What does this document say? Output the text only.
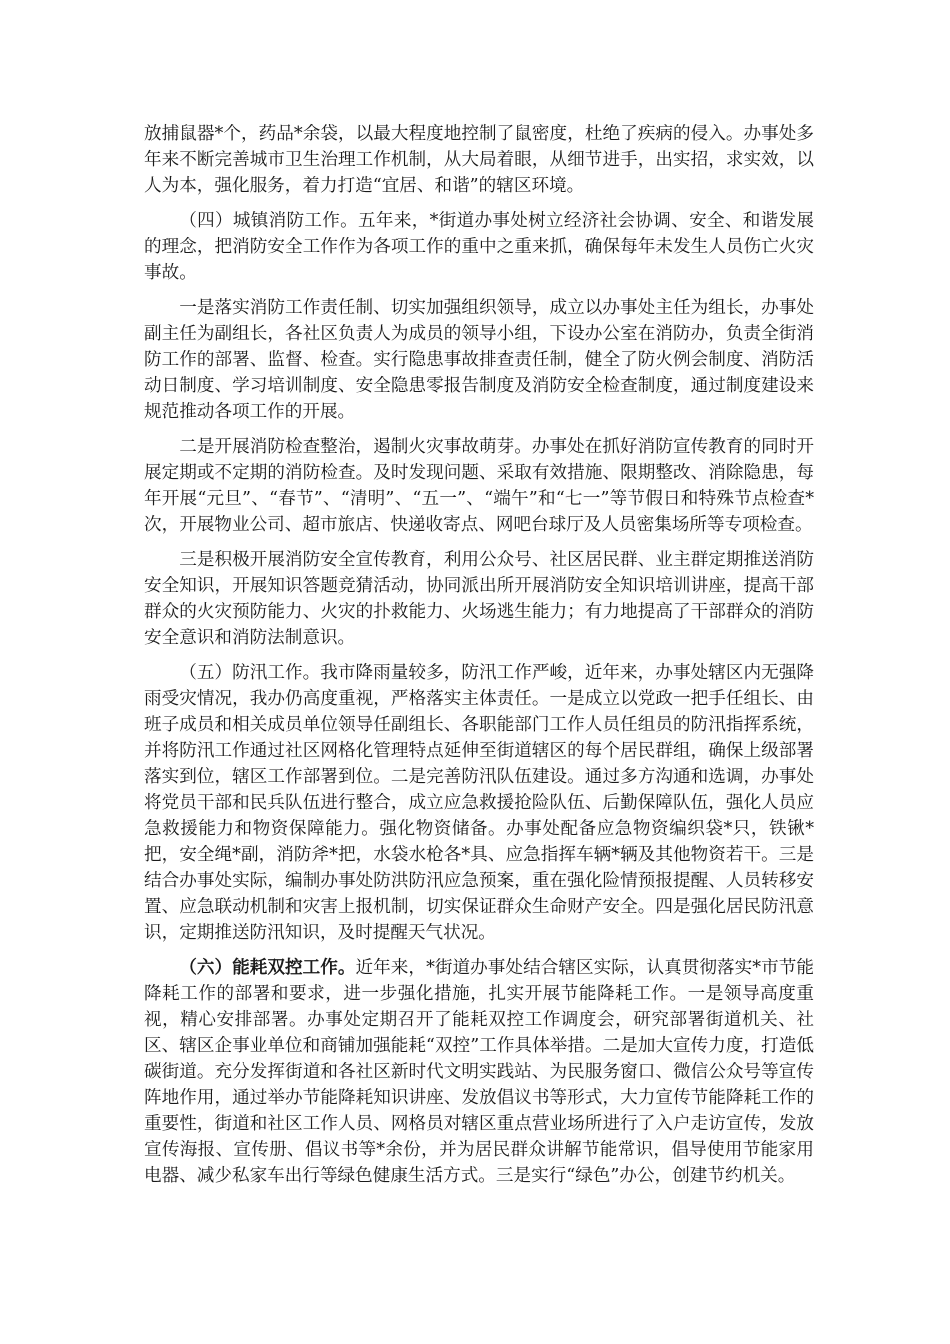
放捕鼠器*个，药品*余袋，以最大程度地控制了鼠密度，杜绝了疾病的侵入。办事处多年来不断完善城市卫生治理工作机制，从大局着眼，从细节进手，出实招，求实效，以人为本，强化服务，着力打造“宜居、和谐”的辖区环境。

（四）城镇消防工作。五年来，*街道办事处树立经济社会协调、安全、和谐发展的理念，把消防安全工作作为各项工作的重中之重来抓，确保每年未发生人员伤亡火灾事故。

一是落实消防工作责任制、切实加强组织领导，成立以办事处主任为组长，办事处副主任为副组长，各社区负责人为成员的领导小组，下设办公室在消防办，负责全街消防工作的部署、监督、检查。实行隐患事故排查责任制，健全了防火例会制度、消防活动日制度、学习培训制度、安全隐患零报告制度及消防安全检查制度，通过制度建设来规范推动各项工作的开展。

二是开展消防检查整治，遏制火灾事故萌芽。办事处在抓好消防宣传教育的同时开展定期或不定期的消防检查。及时发现问题、采取有效措施、限期整改、消除隐患，每年开展“元旦”、“春节”、“清明”、“五一”、“端午”和“七一”等节假日和特殊节点检查*次，开展物业公司、超市旅店、快递收寄点、网吧台球厅及人员密集场所等专项检查。

三是积极开展消防安全宣传教育，利用公众号、社区居民群、业主群定期推送消防安全知识，开展知识答题竞猜活动，协同派出所开展消防安全知识培训讲座，提高干部群众的火灾预防能力、火灾的扑救能力、火场逃生能力；有力地提高了干部群众的消防安全意识和消防法制意识。

（五）防汛工作。我市降雨量较多，防汛工作严峻，近年来，办事处辖区内无强降雨受灾情况，我办仍高度重视，严格落实主体责任。一是成立以党政一把手任组长、由班子成员和相关成员单位领导任副组长、各职能部门工作人员任组员的防汛指挥系统，并将防汛工作通过社区网格化管理特点延伸至街道辖区的每个居民群组，确保上级部署落实到位，辖区工作部署到位。二是完善防汛队伍建设。通过多方沟通和选调，办事处将党员干部和民兵队伍进行整合，成立应急救援抢险队伍、后勤保障队伍，强化人员应急救援能力和物资保障能力。强化物资储备。办事处配备应急物资编织袋*只，铁锹*把，安全绳*副，消防斧*把，水袋水枪各*具、应急指挥车辆*辆及其他物资若干。三是结合办事处实际，编制办事处防洪防汛应急预案，重在强化险情预报提醒、人员转移安置、应急联动机制和灾害上报机制，切实保证群众生命财产安全。四是强化居民防汛意识，定期推送防汛知识，及时提醒天气状况。

（六）能耗双控工作。近年来，*街道办事处结合辖区实际，认真贯彻落实*市节能降耗工作的部署和要求，进一步强化措施，扎实开展节能降耗工作。一是领导高度重视，精心安排部署。办事处定期召开了能耗双控工作调度会，研究部署街道机关、社区、辖区企事业单位和商铺加强能耗“双控”工作具体举措。二是加大宣传力度，打造低碳街道。充分发挥街道和各社区新时代文明实践站、为民服务窗口、微信公众号等宣传阵地作用，通过举办节能降耗知识讲座、发放倡议书等形式，大力宣传节能降耗工作的重要性，街道和社区工作人员、网格员对辖区重点营业场所进行了入户走访宣传，发放宣传海报、宣传册、倡议书等*余份，并为居民群众讲解节能常识，倡导使用节能家用电器、减少私家车出行等绿色健康生活方式。三是实行“绿色”办公，创建节约机关。
